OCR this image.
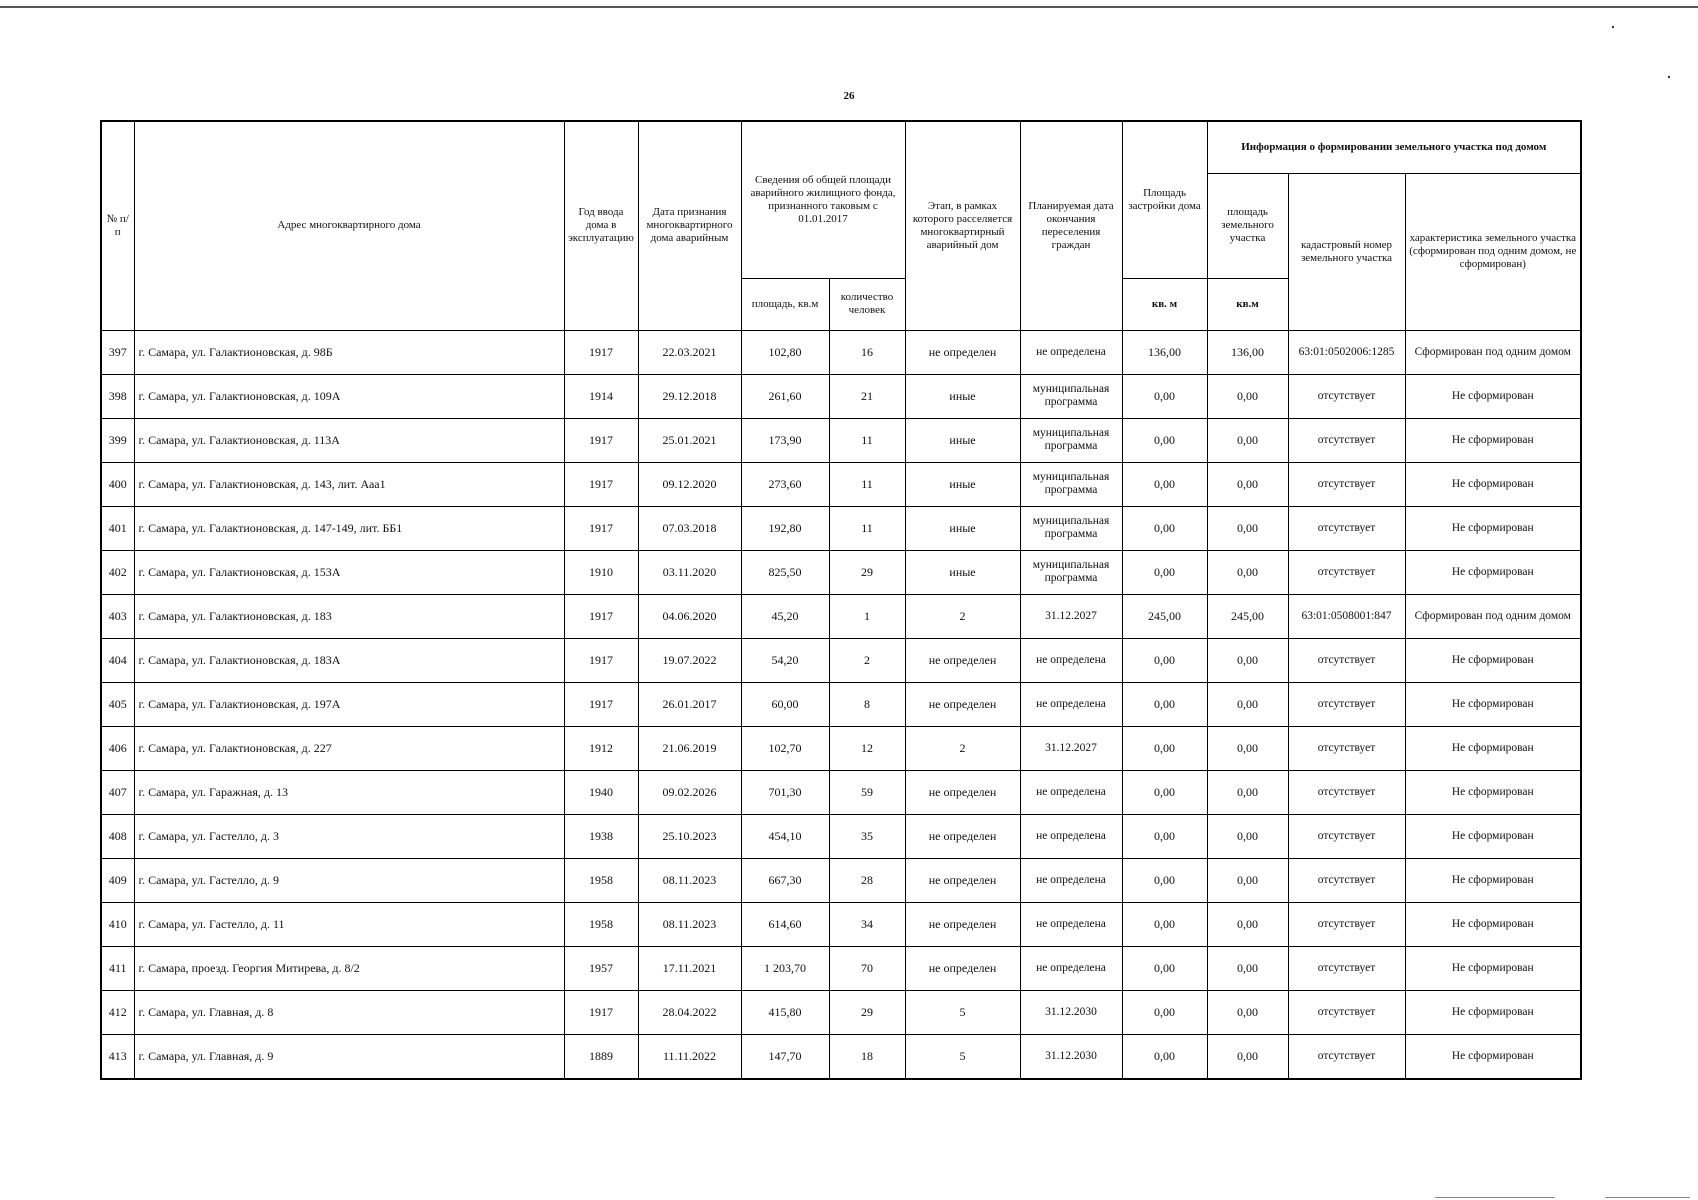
26
№ п/п	Адрес многоквартирного дома	Год ввода дома в эксплуатацию	Дата признания многоквартирного дома аварийным	Сведения об общей площади аварийного жилищного фонда, признанного таковым с 01.01.2017		Этап, в рамках которого расселяется многоквартирный аварийный дом	Планируемая дата окончания переселения граждан	Площадь застройки дома	Информация о формировании земельного участка под домом		
									площадь земельного участка	кадастровый номер земельного участка	характеристика земельного участка (сформирован под одним домом, не сформирован)
				площадь, кв.м	количество человек			кв. м	кв.м		
397	г. Самара, ул. Галактионовская, д. 98Б	1917	22.03.2021	102,80	16	не определен	не определена	136,00	136,00	63:01:0502006:1285	Сформирован под одним домом
398	г. Самара, ул. Галактионовская, д. 109А	1914	29.12.2018	261,60	21	иные	муниципальная программа	0,00	0,00	отсутствует	Не сформирован
399	г. Самара, ул. Галактионовская, д. 113А	1917	25.01.2021	173,90	11	иные	муниципальная программа	0,00	0,00	отсутствует	Не сформирован
400	г. Самара, ул. Галактионовская, д. 143, лит. Ааа1	1917	09.12.2020	273,60	11	иные	муниципальная программа	0,00	0,00	отсутствует	Не сформирован
401	г. Самара, ул. Галактионовская, д. 147-149, лит. ББ1	1917	07.03.2018	192,80	11	иные	муниципальная программа	0,00	0,00	отсутствует	Не сформирован
402	г. Самара, ул. Галактионовская, д. 153А	1910	03.11.2020	825,50	29	иные	муниципальная программа	0,00	0,00	отсутствует	Не сформирован
403	г. Самара, ул. Галактионовская, д. 183	1917	04.06.2020	45,20	1	2	31.12.2027	245,00	245,00	63:01:0508001:847	Сформирован под одним домом
404	г. Самара, ул. Галактионовская, д. 183А	1917	19.07.2022	54,20	2	не определен	не определена	0,00	0,00	отсутствует	Не сформирован
405	г. Самара, ул. Галактионовская, д. 197А	1917	26.01.2017	60,00	8	не определен	не определена	0,00	0,00	отсутствует	Не сформирован
406	г. Самара, ул. Галактионовская, д. 227	1912	21.06.2019	102,70	12	2	31.12.2027	0,00	0,00	отсутствует	Не сформирован
407	г. Самара, ул. Гаражная, д. 13	1940	09.02.2026	701,30	59	не определен	не определена	0,00	0,00	отсутствует	Не сформирован
408	г. Самара, ул. Гастелло, д. 3	1938	25.10.2023	454,10	35	не определен	не определена	0,00	0,00	отсутствует	Не сформирован
409	г. Самара, ул. Гастелло, д. 9	1958	08.11.2023	667,30	28	не определен	не определена	0,00	0,00	отсутствует	Не сформирован
410	г. Самара, ул. Гастелло, д. 11	1958	08.11.2023	614,60	34	не определен	не определена	0,00	0,00	отсутствует	Не сформирован
411	г. Самара, проезд. Георгия Митирева, д. 8/2	1957	17.11.2021	1 203,70	70	не определен	не определена	0,00	0,00	отсутствует	Не сформирован
412	г. Самара, ул. Главная, д. 8	1917	28.04.2022	415,80	29	5	31.12.2030	0,00	0,00	отсутствует	Не сформирован
413	г. Самара, ул. Главная, д. 9	1889	11.11.2022	147,70	18	5	31.12.2030	0,00	0,00	отсутствует	Не сформирован
